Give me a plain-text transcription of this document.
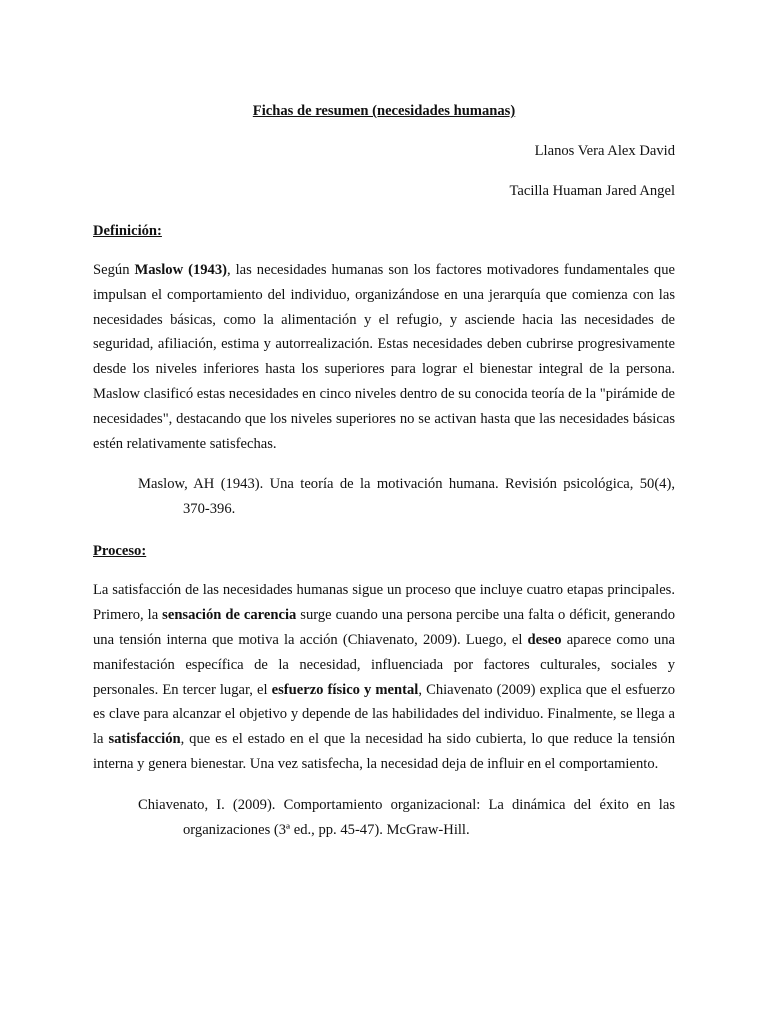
Fichas de resumen (necesidades humanas)

Llanos Vera Alex David

Tacilla Huaman Jared Angel

Definición:

Según Maslow (1943), las necesidades humanas son los factores motivadores fundamentales que impulsan el comportamiento del individuo, organizándose en una jerarquía que comienza con las necesidades básicas, como la alimentación y el refugio, y asciende hacia las necesidades de seguridad, afiliación, estima y autorrealización. Estas necesidades deben cubrirse progresivamente desde los niveles inferiores hasta los superiores para lograr el bienestar integral de la persona. Maslow clasificó estas necesidades en cinco niveles dentro de su conocida teoría de la "pirámide de necesidades", destacando que los niveles superiores no se activan hasta que las necesidades básicas estén relativamente satisfechas.

Maslow, AH (1943). Una teoría de la motivación humana. Revisión psicológica, 50(4), 370-396.

Proceso:

La satisfacción de las necesidades humanas sigue un proceso que incluye cuatro etapas principales. Primero, la sensación de carencia surge cuando una persona percibe una falta o déficit, generando una tensión interna que motiva la acción (Chiavenato, 2009). Luego, el deseo aparece como una manifestación específica de la necesidad, influenciada por factores culturales, sociales y personales. En tercer lugar, el esfuerzo físico y mental, Chiavenato (2009) explica que el esfuerzo es clave para alcanzar el objetivo y depende de las habilidades del individuo. Finalmente, se llega a la satisfacción, que es el estado en el que la necesidad ha sido cubierta, lo que reduce la tensión interna y genera bienestar. Una vez satisfecha, la necesidad deja de influir en el comportamiento.

Chiavenato, I. (2009). Comportamiento organizacional: La dinámica del éxito en las organizaciones (3ª ed., pp. 45-47). McGraw-Hill.
